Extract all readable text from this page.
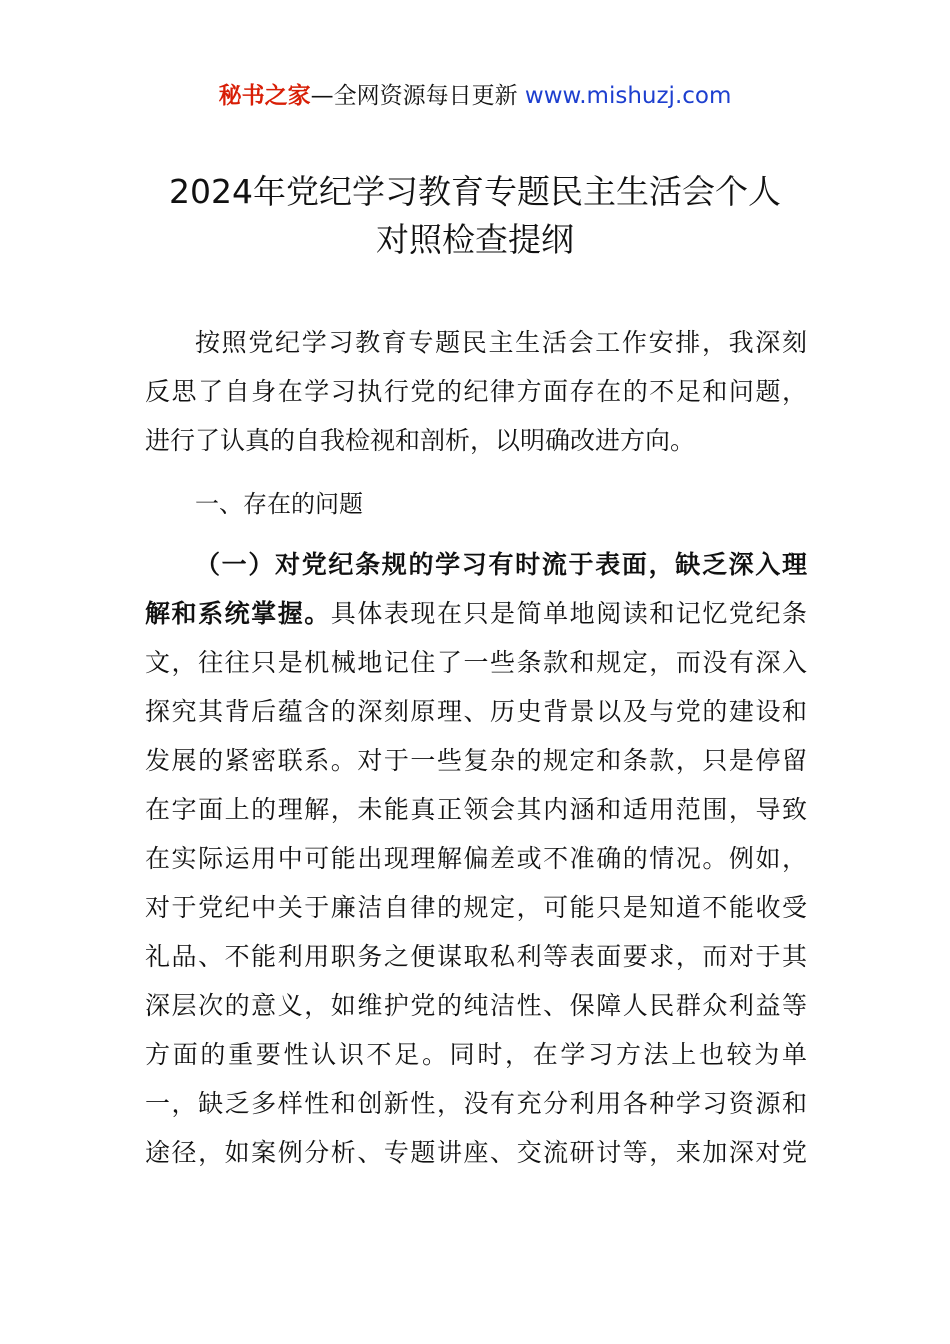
秘书之家—全网资源每日更新 www.mishuzj.com
2024年党纪学习教育专题民主生活会个人
对照检查提纲
按照党纪学习教育专题民主生活会工作安排，我深刻
反思了自身在学习执行党的纪律方面存在的不足和问题，
进行了认真的自我检视和剖析，以明确改进方向。
一、存在的问题
（一）对党纪条规的学习有时流于表面，缺乏深入理
解和系统掌握。具体表现在只是简单地阅读和记忆党纪条
文，往往只是机械地记住了一些条款和规定，而没有深入
探究其背后蕴含的深刻原理、历史背景以及与党的建设和
发展的紧密联系。对于一些复杂的规定和条款，只是停留
在字面上的理解，未能真正领会其内涵和适用范围，导致
在实际运用中可能出现理解偏差或不准确的情况。例如，
对于党纪中关于廉洁自律的规定，可能只是知道不能收受
礼品、不能利用职务之便谋取私利等表面要求，而对于其
深层次的意义，如维护党的纯洁性、保障人民群众利益等
方面的重要性认识不足。同时，在学习方法上也较为单
一，缺乏多样性和创新性，没有充分利用各种学习资源和
途径，如案例分析、专题讲座、交流研讨等，来加深对党
